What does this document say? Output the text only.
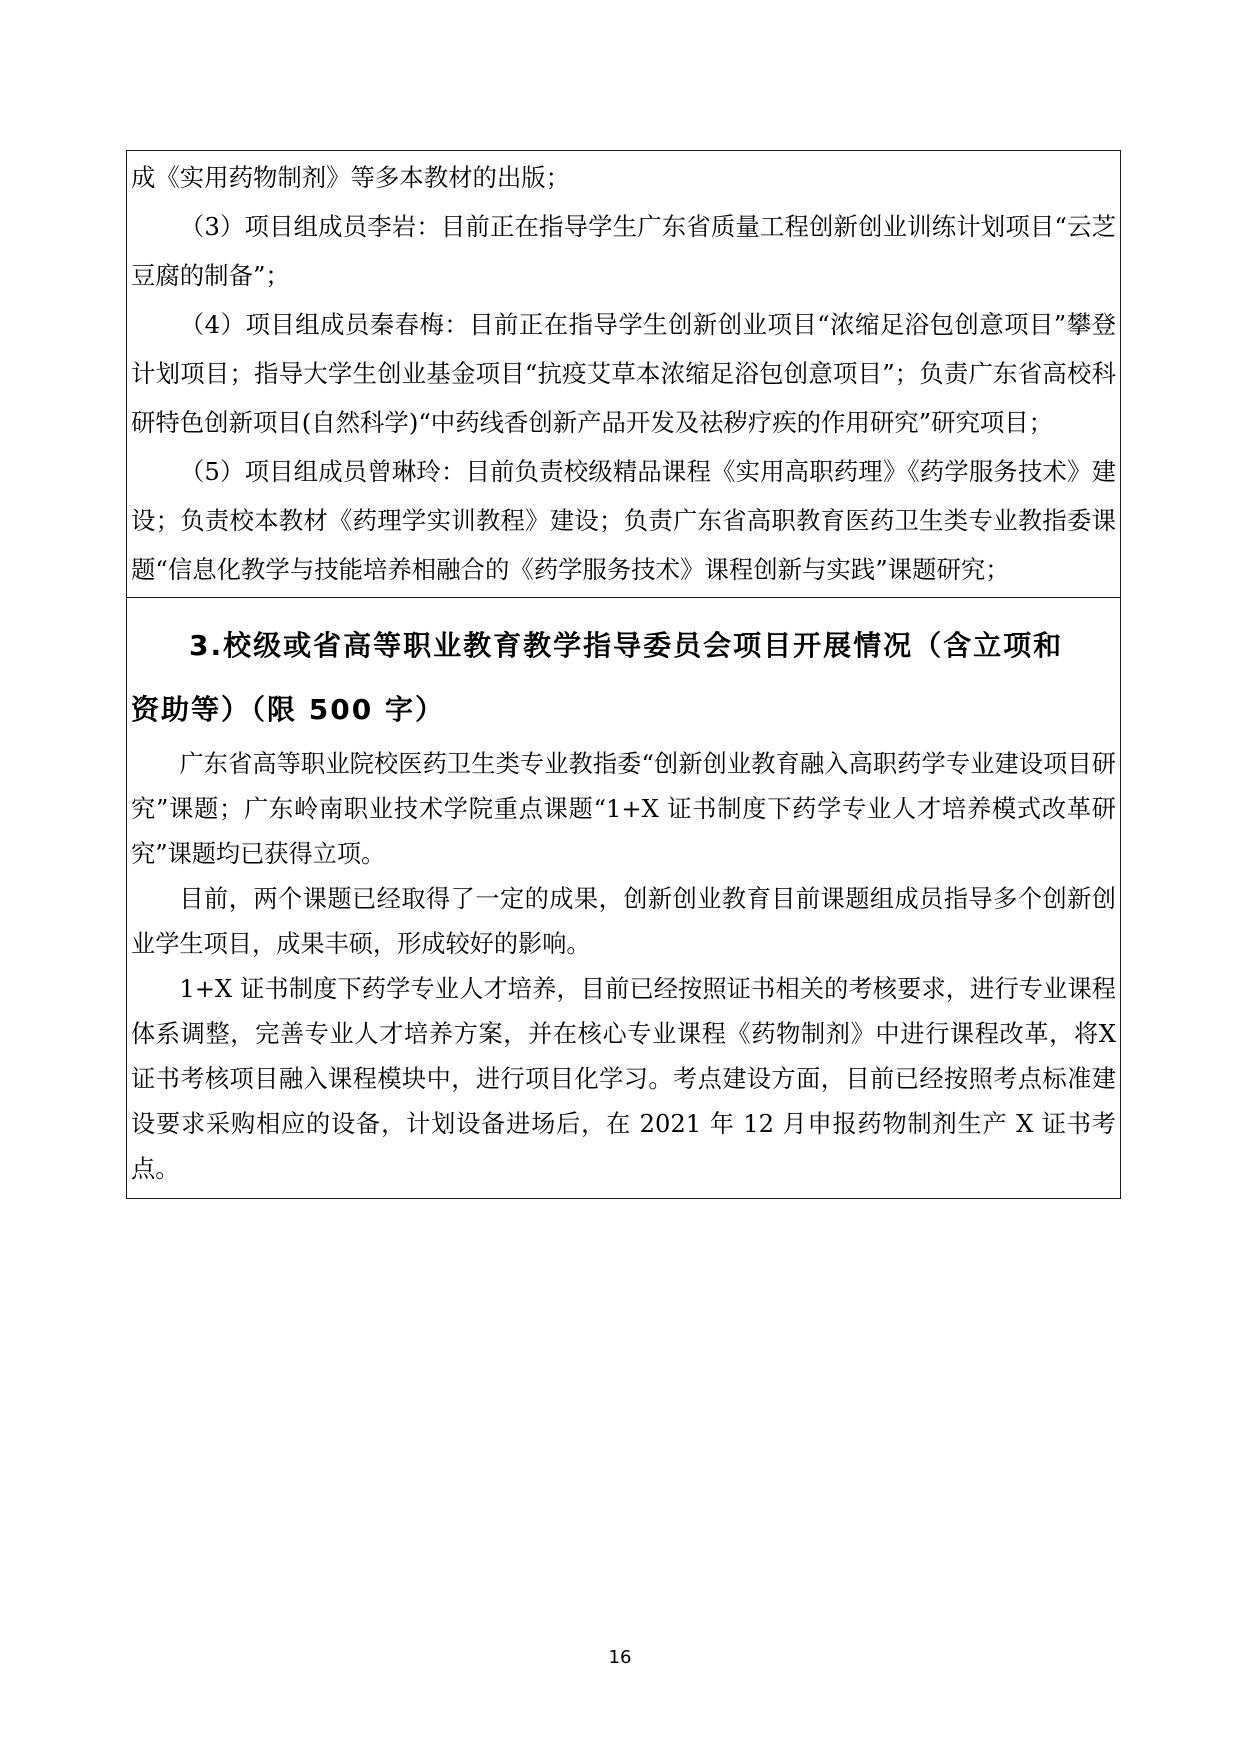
成《实用药物制剂》等多本教材的出版；

（3）项目组成员李岩：目前正在指导学生广东省质量工程创新创业训练计划项目“云芝豆腐的制备”；

（4）项目组成员秦春梅：目前正在指导学生创新创业项目“浓缩足浴包创意项目”攀登计划项目；指导大学生创业基金项目“抗疫艾草本浓缩足浴包创意项目”；负责广东省高校科研特色创新项目(自然科学)“中药线香创新产品开发及祛秽疗疾的作用研究”研究项目；

（5）项目组成员曾琳玲：目前负责校级精品课程《实用高职药理》《药学服务技术》建设；负责校本教材《药理学实训教程》建设；负责广东省高职教育医药卫生类专业教指委课题“信息化教学与技能培养相融合的《药学服务技术》课程创新与实践”课题研究；

3.校级或省高等职业教育教学指导委员会项目开展情况（含立项和
资助等）（限 500 字）

广东省高等职业院校医药卫生类专业教指委“创新创业教育融入高职药学专业建设项目研究”课题；广东岭南职业技术学院重点课题“1+X 证书制度下药学专业人才培养模式改革研究”课题均已获得立项。

目前，两个课题已经取得了一定的成果，创新创业教育目前课题组成员指导多个创新创业学生项目，成果丰硕，形成较好的影响。

1+X 证书制度下药学专业人才培养，目前已经按照证书相关的考核要求，进行专业课程体系调整，完善专业人才培养方案，并在核心专业课程《药物制剂》中进行课程改革，将X 证书考核项目融入课程模块中，进行项目化学习。考点建设方面，目前已经按照考点标准建设要求采购相应的设备，计划设备进场后，在 2021 年 12 月申报药物制剂生产 X 证书考点。

16
